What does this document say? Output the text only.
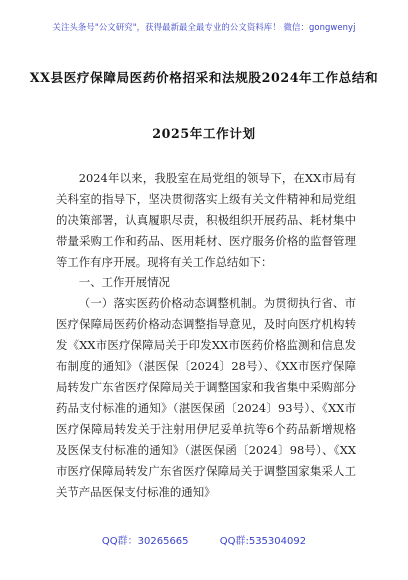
关注头条号"公文研究"，获得最新最全最专业的公文资料库！ 微信：gongwenyj
XX县医疗保障局医药价格招采和法规股2024年工作总结和
2025年工作计划
2024年以来，我股室在局党组的领导下，在XX市局有关科室的指导下，坚决贯彻落实上级有关文件精神和局党组的决策部署，认真履职尽责，积极组织开展药品、耗材集中带量采购工作和药品、医用耗材、医疗服务价格的监督管理等工作有序开展。现将有关工作总结如下：
一、工作开展情况
（一）落实医药价格动态调整机制。为贯彻执行省、市医疗保障局医药价格动态调整指导意见，及时向医疗机构转发《XX市医疗保障局关于印发XX市医药价格监测和信息发布制度的通知》（湛医保〔2024〕28号）、《XX市医疗保障局转发广东省医疗保障局关于调整国家和我省集中采购部分药品支付标准的通知》（湛医保函〔2024〕93号）、《XX市医疗保障局转发关于注射用伊尼妥单抗等6个药品新增规格及医保支付标准的通知》（湛医保函〔2024〕98号）、《XX市医疗保障局转发广东省医疗保障局关于调整国家集采人工关节产品医保支付标准的通知》
QQ群：30265665	QQ群:535304092
